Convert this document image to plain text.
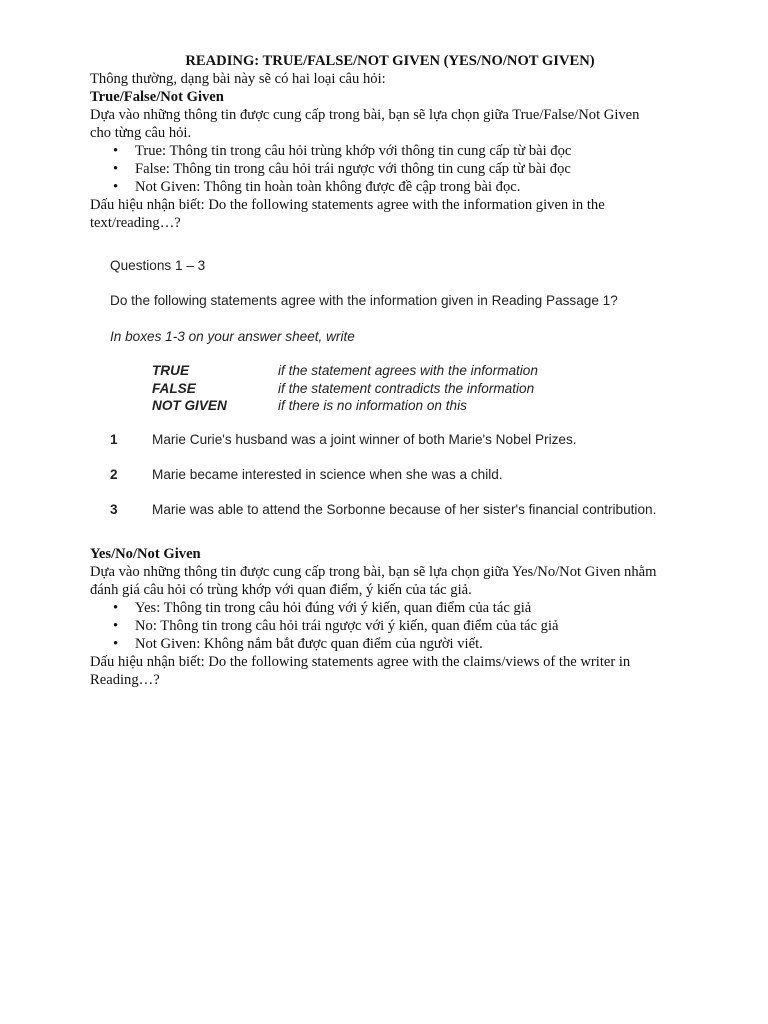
READING: TRUE/FALSE/NOT GIVEN (YES/NO/NOT GIVEN)

Thông thường, dạng bài này sẽ có hai loại câu hỏi:

True/False/Not Given

Dựa vào những thông tin được cung cấp trong bài, bạn sẽ lựa chọn giữa True/False/Not Given

cho từng câu hỏi.

• True: Thông tin trong câu hỏi trùng khớp với thông tin cung cấp từ bài đọc
• False: Thông tin trong câu hỏi trái ngược với thông tin cung cấp từ bài đọc
• Not Given: Thông tin hoàn toàn không được đề cập trong bài đọc.

Dấu hiệu nhận biết: Do the following statements agree with the information given in the

text/reading…?

Questions 1 – 3
Do the following statements agree with the information given in Reading Passage 1?
In boxes 1-3 on your answer sheet, write
TRUE	if the statement agrees with the information
FALSE	if the statement contradicts the information
NOT GIVEN	if there is no information on this
1	Marie Curie's husband was a joint winner of both Marie's Nobel Prizes.
2	Marie became interested in science when she was a child.
3	Marie was able to attend the Sorbonne because of her sister's financial contribution.

Yes/No/Not Given

Dựa vào những thông tin được cung cấp trong bài, bạn sẽ lựa chọn giữa Yes/No/Not Given nhằm

đánh giá câu hỏi có trùng khớp với quan điểm, ý kiến của tác giả.

• Yes: Thông tin trong câu hỏi đúng với ý kiến, quan điểm của tác giả
• No: Thông tin trong câu hỏi trái ngược với ý kiến, quan điểm của tác giả
• Not Given: Không nắm bắt được quan điểm của người viết.

Dấu hiệu nhận biết: Do the following statements agree with the claims/views of the writer in

Reading…?
